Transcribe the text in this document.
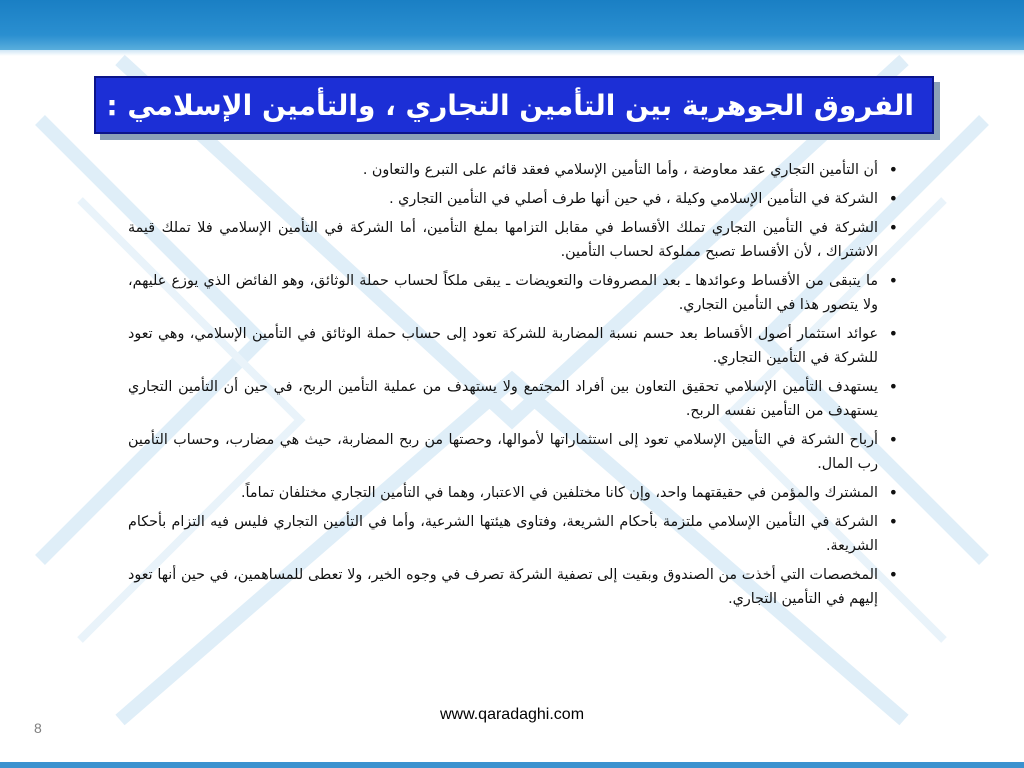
الفروق الجوهرية بين التأمين التجاري ، والتأمين الإسلامي :
•
أن التأمين التجاري عقد معاوضة ، وأما التأمين الإسلامي فعقد قائم على التبرع والتعاون .
•
الشركة في التأمين الإسلامي وكيلة ، في حين أنها طرف أصلي في التأمين التجاري .
•
الشركة في التأمين التجاري تملك الأقساط في مقابل التزامها بملغ التأمين، أما الشركة في التأمين الإسلامي فلا تملك قيمة الاشتراك ، لأن الأقساط تصبح مملوكة لحساب التأمين.
•
ما يتبقى من الأقساط وعوائدها ـ بعد المصروفات والتعويضات ـ يبقى ملكاً لحساب حملة الوثائق، وهو الفائض الذي يوزع عليهم، ولا يتصور هذا في التأمين التجاري.
•
عوائد استثمار أصول الأقساط بعد حسم نسبة المضاربة للشركة تعود إلى حساب حملة الوثائق في التأمين الإسلامي، وهي تعود للشركة في التأمين التجاري.
•
يستهدف التأمين الإسلامي تحقيق التعاون بين أفراد المجتمع ولا يستهدف من عملية التأمين الربح، في حين أن التأمين التجاري يستهدف من التأمين نفسه الربح.
•
أرباح الشركة في التأمين الإسلامي تعود إلى استثماراتها لأموالها، وحصتها من ربح المضاربة، حيث هي مضارب، وحساب التأمين رب المال.
•
المشترك والمؤمن في حقيقتهما واحد، وإن كانا مختلفين في الاعتبار، وهما في التأمين التجاري مختلفان تماماً.
•
الشركة في التأمين الإسلامي ملتزمة بأحكام الشريعة، وفتاوى هيئتها الشرعية، وأما في التأمين التجاري فليس فيه التزام بأحكام الشريعة.
•
المخصصات التي أخذت من الصندوق وبقيت إلى تصفية الشركة تصرف في وجوه الخير، ولا تعطى للمساهمين، في حين أنها تعود إليهم في التأمين التجاري.
www.qaradaghi.com
8
